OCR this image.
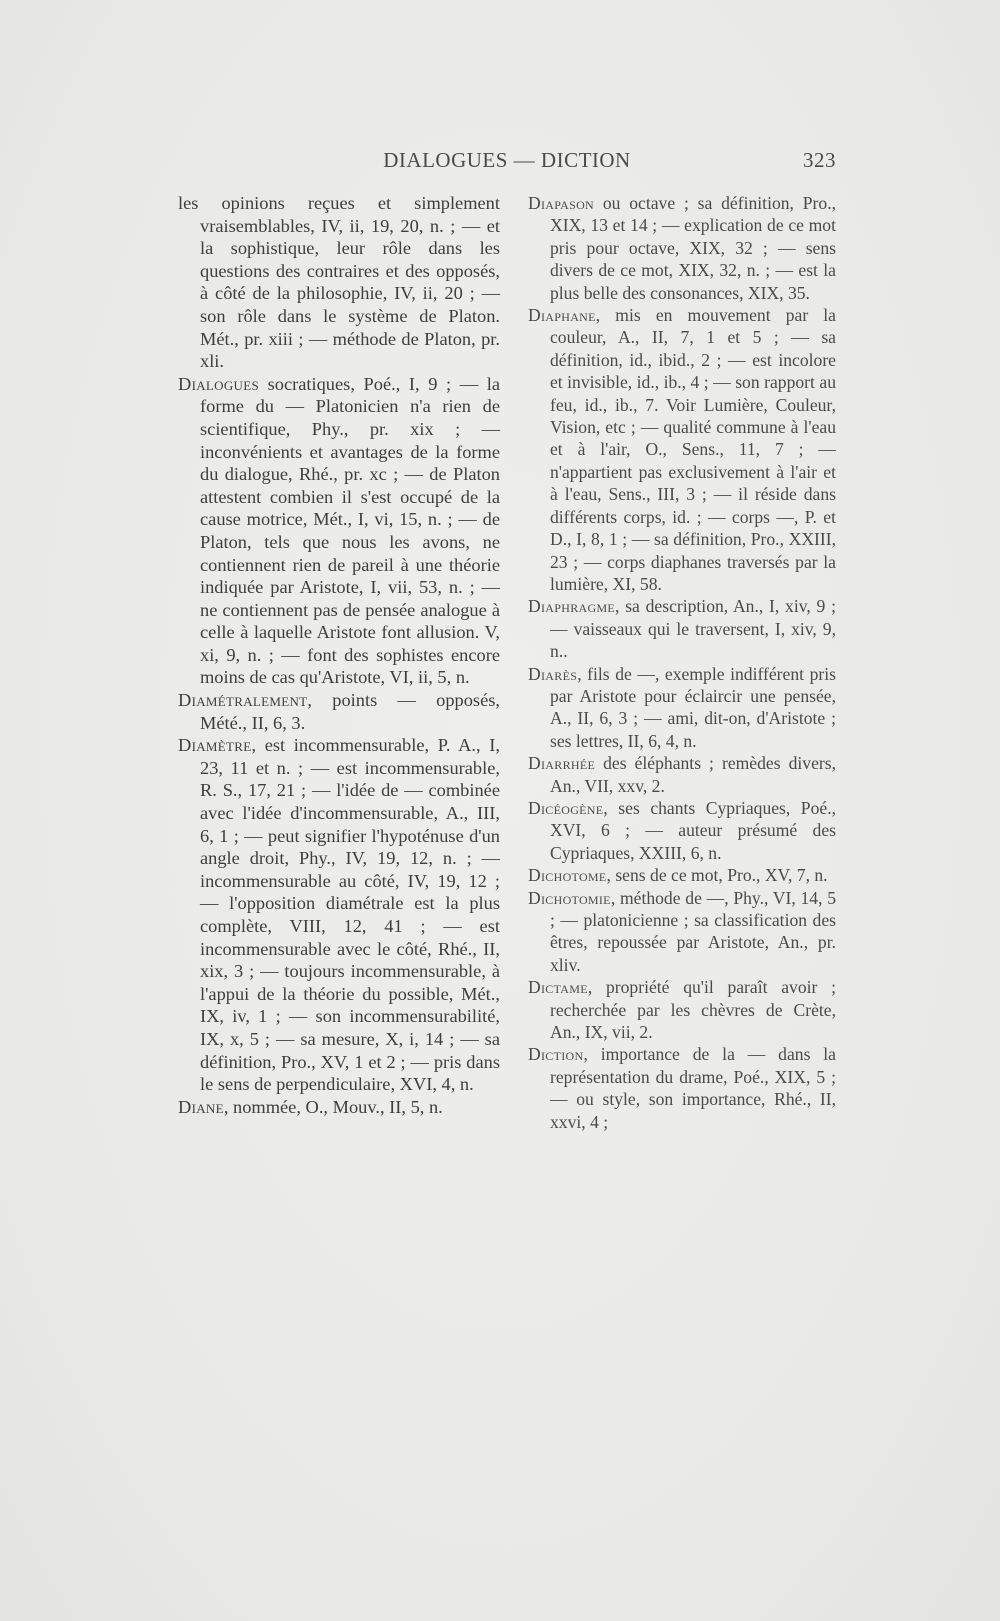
DIALOGUES — DICTION	323

les opinions reçues et simplement vraisemblables, IV, ii, 19, 20, n. ; — et la sophistique, leur rôle dans les questions des contraires et des opposés, à côté de la philosophie, IV, ii, 20 ; — son rôle dans le système de Platon. Mét., pr. xiii ; — méthode de Platon, pr. xli.

Dialogues socratiques, Poé., I, 9 ; — la forme du — Platonicien n'a rien de scientifique, Phy., pr. xix ; — inconvénients et avantages de la forme du dialogue, Rhé., pr. xc ; — de Platon attestent combien il s'est occupé de la cause motrice, Mét., I, vi, 15, n. ; — de Platon, tels que nous les avons, ne contiennent rien de pareil à une théorie indiquée par Aristote, I, vii, 53, n. ; — ne contiennent pas de pensée analogue à celle à laquelle Aristote font allusion. V, xi, 9, n. ; — font des sophistes encore moins de cas qu'Aristote, VI, ii, 5, n.

Diamétralement, points — opposés, Mété., II, 6, 3.

Diamètre, est incommensurable, P. A., I, 23, 11 et n. ; — est incommensurable, R. S., 17, 21 ; — l'idée de — combinée avec l'idée d'incommensurable, A., III, 6, 1 ; — peut signifier l'hypoténuse d'un angle droit, Phy., IV, 19, 12, n. ; — incommensurable au côté, IV, 19, 12 ; — l'opposition diamétrale est la plus complète, VIII, 12, 41 ; — est incommensurable avec le côté, Rhé., II, xix, 3 ; — toujours incommensurable, à l'appui de la théorie du possible, Mét., IX, iv, 1 ; — son incommensurabilité, IX, x, 5 ; — sa mesure, X, i, 14 ; — sa définition, Pro., XV, 1 et 2 ; — pris dans le sens de perpendiculaire, XVI, 4, n.

Diane, nommée, O., Mouv., II, 5, n.

Diapason ou octave ; sa définition, Pro., XIX, 13 et 14 ; — explication de ce mot pris pour octave, XIX, 32 ; — sens divers de ce mot, XIX, 32, n. ; — est la plus belle des consonances, XIX, 35.

Diaphane, mis en mouvement par la couleur, A., II, 7, 1 et 5 ; — sa définition, id., ibid., 2 ; — est incolore et invisible, id., ib., 4 ; — son rapport au feu, id., ib., 7. Voir Lumière, Couleur, Vision, etc ; — qualité commune à l'eau et à l'air, O., Sens., 11, 7 ; — n'appartient pas exclusivement à l'air et à l'eau, Sens., III, 3 ; — il réside dans différents corps, id. ; — corps —, P. et D., I, 8, 1 ; — sa définition, Pro., XXIII, 23 ; — corps diaphanes traversés par la lumière, XI, 58.

Diaphragme, sa description, An., I, xiv, 9 ; — vaisseaux qui le traversent, I, xiv, 9, n..

Diarès, fils de —, exemple indifférent pris par Aristote pour éclaircir une pensée, A., II, 6, 3 ; — ami, dit-on, d'Aristote ; ses lettres, II, 6, 4, n.

Diarrhée des éléphants ; remèdes divers, An., VII, xxv, 2.

Dicéogène, ses chants Cypriaques, Poé., XVI, 6 ; — auteur présumé des Cypriaques, XXIII, 6, n.

Dichotome, sens de ce mot, Pro., XV, 7, n.

Dichotomie, méthode de —, Phy., VI, 14, 5 ; — platonicienne ; sa classification des êtres, repoussée par Aristote, An., pr. xliv.

Dictame, propriété qu'il paraît avoir ; recherchée par les chèvres de Crète, An., IX, vii, 2.

Diction, importance de la — dans la représentation du drame, Poé., XIX, 5 ; — ou style, son importance, Rhé., II, xxvi, 4 ;
